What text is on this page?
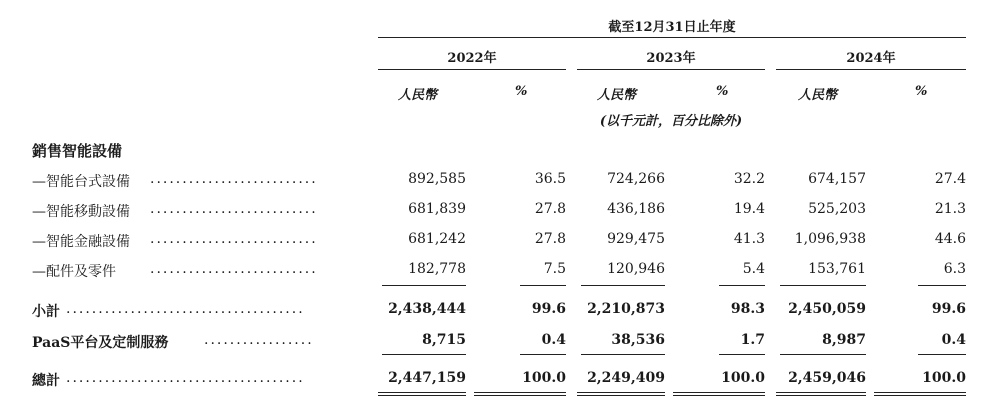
截至12月31日止年度
2022年	2023年	2024年
人民幣	%	人民幣	%	人民幣	%
(以千元計，百分比除外)
銷售智能設備
—智能台式設備 ..........................	892,585	36.5	724,266	32.2	674,157	27.4
—智能移動設備 ..........................	681,839	27.8	436,186	19.4	525,203	21.3
—智能金融設備 ..........................	681,242	27.8	929,475	41.3 1,096,938	44.6
—配件及零件 ..........................	182,778	7.5	120,946	5.4	153,761	6.3
小計 .....................................	2,438,444	99.6 2,210,873	98.3 2,450,059	99.6
PaaS平台及定制服務	.................	8,715	0.4	38,536	1.7	8,987	0.4
總計 .....................................	2,447,159	100.0 2,249,409	100.0 2,459,046	100.0
